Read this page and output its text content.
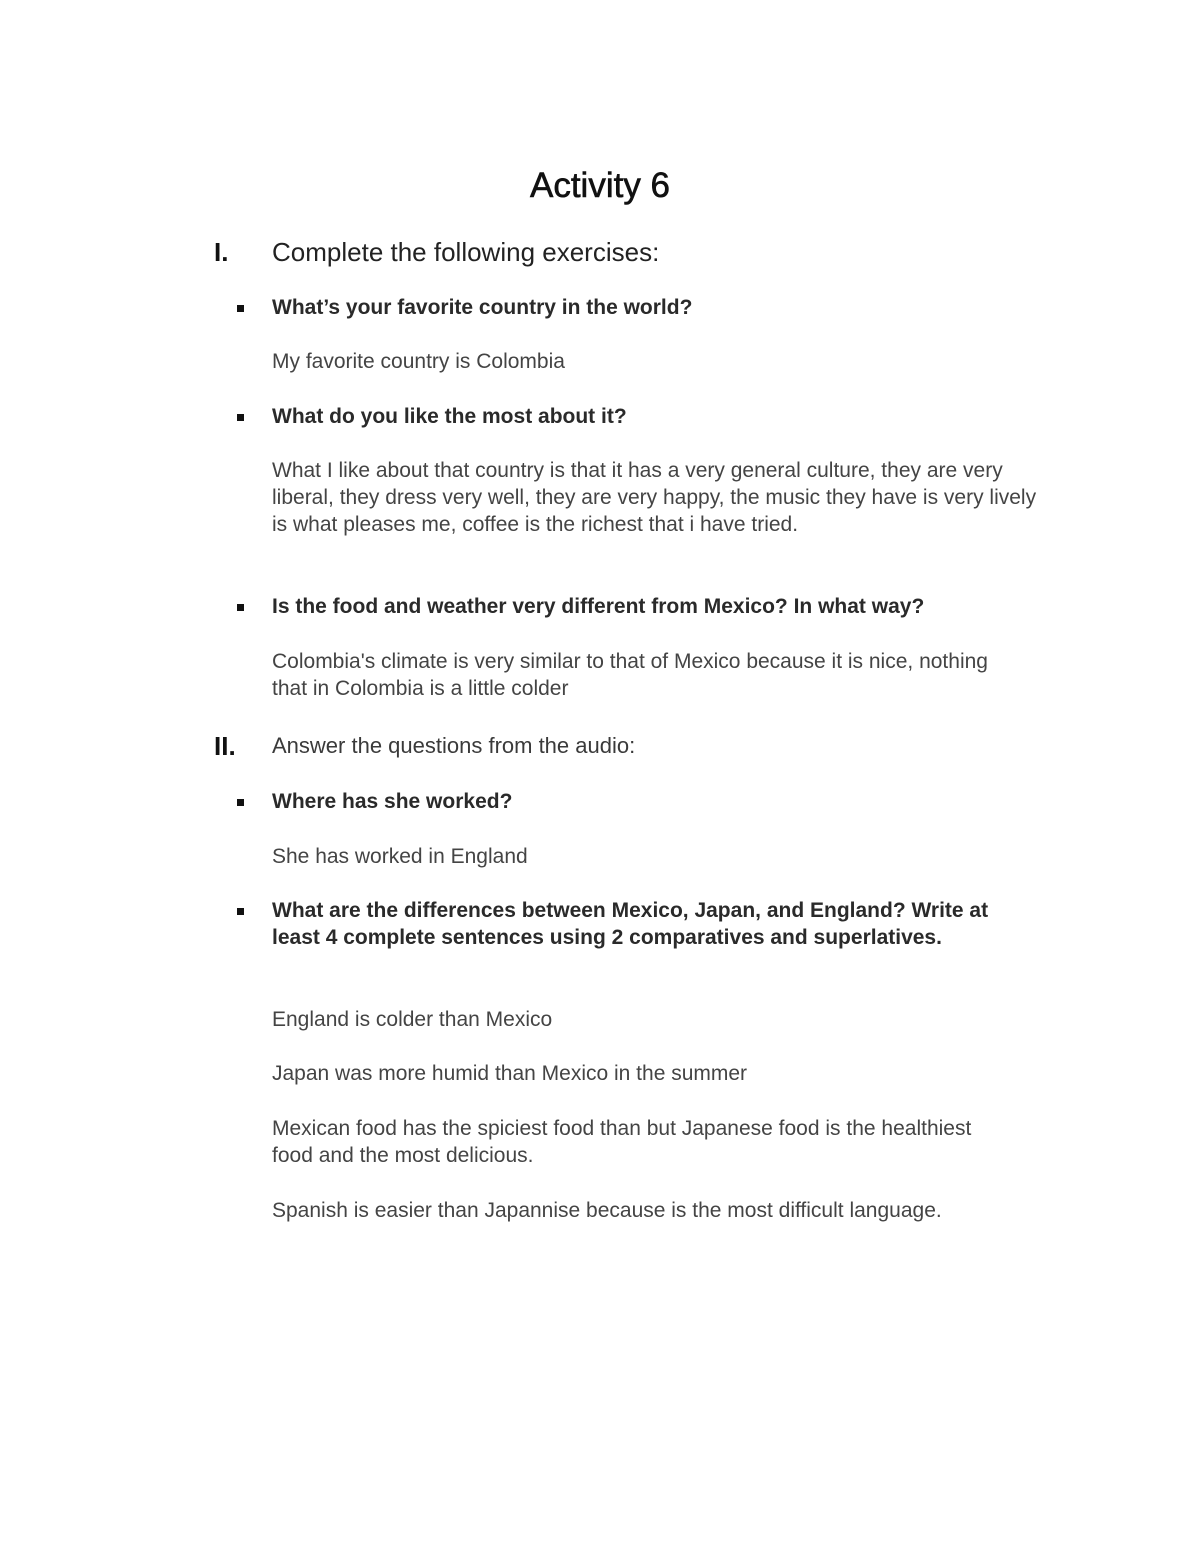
Activity 6
I. Complete the following exercises:

What’s your favorite country in the world?

My favorite country is Colombia

What do you like the most about it?

What I like about that country is that it has a very general culture, they are very liberal, they dress very well, they are very happy, the music they have is very lively is what pleases me, coffee is the richest that i have tried.

Is the food and weather very different from Mexico? In what way?

Colombia's climate is very similar to that of Mexico because it is nice, nothing that in Colombia is a little colder

II. Answer the questions from the audio:

Where has she worked?

She has worked in England

What are the differences between Mexico, Japan, and England? Write at least 4 complete sentences using 2 comparatives and superlatives.

England is colder than Mexico

Japan was more humid than Mexico in the summer

Mexican food has the spiciest food than but Japanese food is the healthiest food and the most delicious.

Spanish is easier than Japannise because is the most difficult language.
